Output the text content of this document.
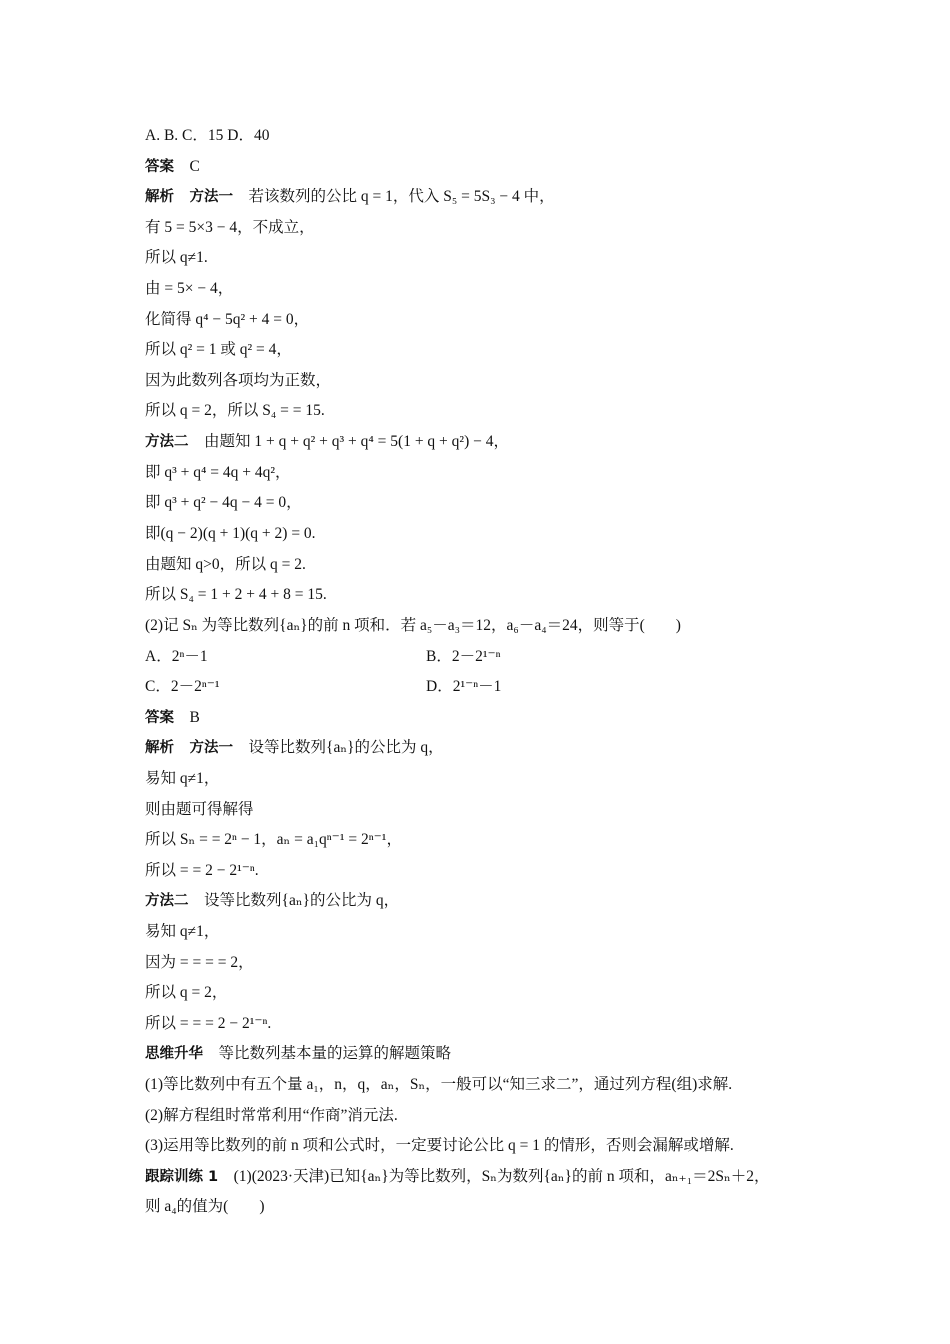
A. B. C．15 D．40
答案  C
解析  方法一  若该数列的公比 q = 1，代入 S₅ = 5S₃ − 4 中，
有 5 = 5×3 − 4，不成立，
所以 q≠1.
由 = 5× − 4，
化简得 q⁴ − 5q² + 4 = 0，
所以 q² = 1 或 q² = 4，
因为此数列各项均为正数，
所以 q = 2，所以 S₄ = = 15.
方法二  由题知 1 + q + q² + q³ + q⁴ = 5(1 + q + q²) − 4，
即 q³ + q⁴ = 4q + 4q²，
即 q³ + q² − 4q − 4 = 0，
即(q − 2)(q + 1)(q + 2) = 0.
由题知 q>0，所以 q = 2.
所以 S₄ = 1 + 2 + 4 + 8 = 15.
(2)记 Sₙ 为等比数列{aₙ}的前 n 项和．若 a₅－a₃＝12，a₆－a₄＝24，则等于(　　)
A．2ⁿ－1	B．2－2¹⁻ⁿ
C．2－2ⁿ⁻¹	D．2¹⁻ⁿ－1
答案  B
解析  方法一  设等比数列{aₙ}的公比为 q，
易知 q≠1，
则由题可得解得
所以 Sₙ = = 2ⁿ − 1，aₙ = a₁qⁿ⁻¹ = 2ⁿ⁻¹，
所以 = = 2 − 2¹⁻ⁿ.
方法二  设等比数列{aₙ}的公比为 q，
易知 q≠1，
因为 = = = = 2，
所以 q = 2，
所以 = = = 2 − 2¹⁻ⁿ.
思维升华  等比数列基本量的运算的解题策略
(1)等比数列中有五个量 a₁，n，q，aₙ，Sₙ，一般可以“知三求二”，通过列方程(组)求解.
(2)解方程组时常常利用“作商”消元法.
(3)运用等比数列的前 n 项和公式时，一定要讨论公比 q = 1 的情形，否则会漏解或增解.
跟踪训练 1  (1)(2023·天津)已知{aₙ}为等比数列，Sₙ为数列{aₙ}的前 n 项和，aₙ₊₁＝2Sₙ＋2，
则 a₄的值为(　　)
